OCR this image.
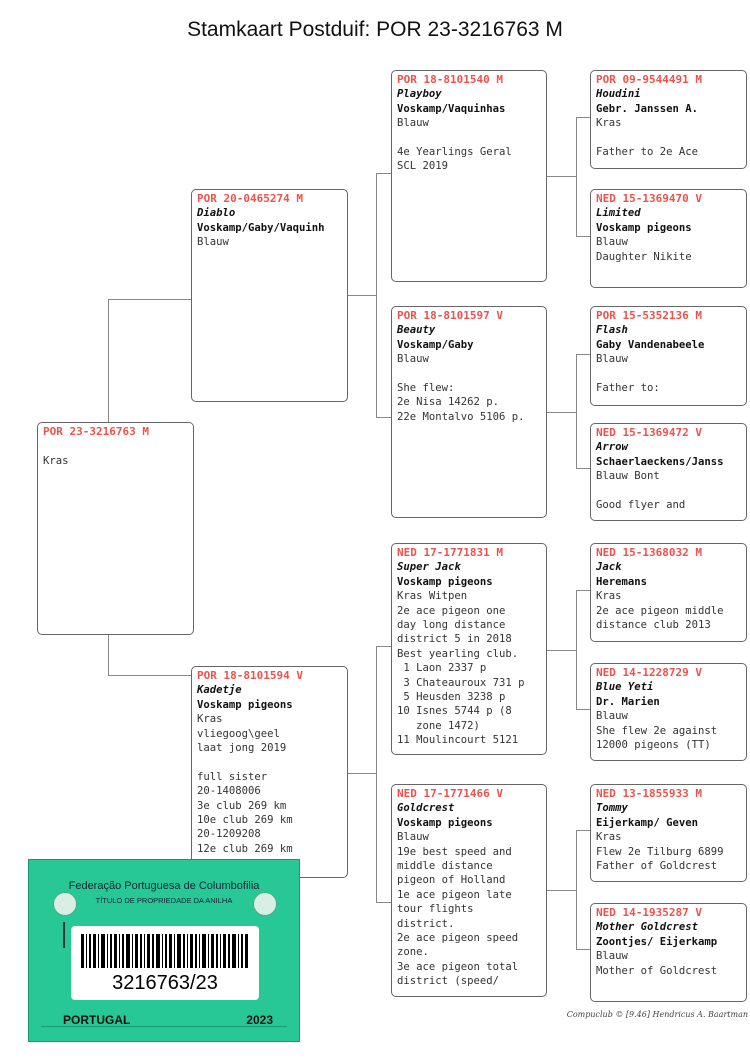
Stamkaart Postduif: POR 23-3216763 M
POR 23-3216763 M
Kras
POR 20-0465274 M
Diablo
Voskamp/Gaby/Vaquinh
Blauw
POR 18-8101594 V
Kadetje
Voskamp pigeons
Kras
vliegoog\geel
laat jong 2019
full sister
20-1408006
3e club 269 km
10e club 269 km
20-1209208
12e club 269 km
POR 18-8101540 M
Playboy
Voskamp/Vaquinhas
Blauw
4e Yearlings Geral
SCL 2019
POR 18-8101597 V
Beauty
Voskamp/Gaby
Blauw
She flew:
2e Nisa 14262 p.
22e Montalvo 5106 p.
NED 17-1771831 M
Super Jack
Voskamp pigeons
Kras Witpen
2e ace pigeon one
day long distance
district 5 in 2018
Best yearling club.
1 Laon 2337 p
3 Chateauroux 731 p
5 Heusden 3238 p
10 Isnes 5744 p (8
zone 1472)
11 Moulincourt 5121
NED 17-1771466 V
Goldcrest
Voskamp pigeons
Blauw
19e best speed and
middle distance
pigeon of Holland
1e ace pigeon late
tour flights
district.
2e ace pigeon speed
zone.
3e ace pigeon total
district (speed/
POR 09-9544491 M
Houdini
Gebr. Janssen A.
Kras
Father to 2e Ace
NED 15-1369470 V
Limited
Voskamp pigeons
Blauw
Daughter Nikite
POR 15-5352136 M
Flash
Gaby Vandenabeele
Blauw
Father to:
NED 15-1369472 V
Arrow
Schaerlaeckens/Janss
Blauw Bont
Good flyer and
NED 15-1368032 M
Jack
Heremans
Kras
2e ace pigeon middle
distance club 2013
NED 14-1228729 V
Blue Yeti
Dr. Marien
Blauw
She flew 2e against
12000 pigeons (TT)
NED 13-1855933 M
Tommy
Eijerkamp/ Geven
Kras
Flew 2e Tilburg 6899
Father of Goldcrest
NED 14-1935287 V
Mother Goldcrest
Zoontjes/ Eijerkamp
Blauw
Mother of Goldcrest
Compuclub © [9.46] Hendricus A. Baartman
Federação Portuguesa de Columbofilia
TÍTULO DE PROPRIEDADE DA ANILHA
3216763/23
PORTUGAL	2023
